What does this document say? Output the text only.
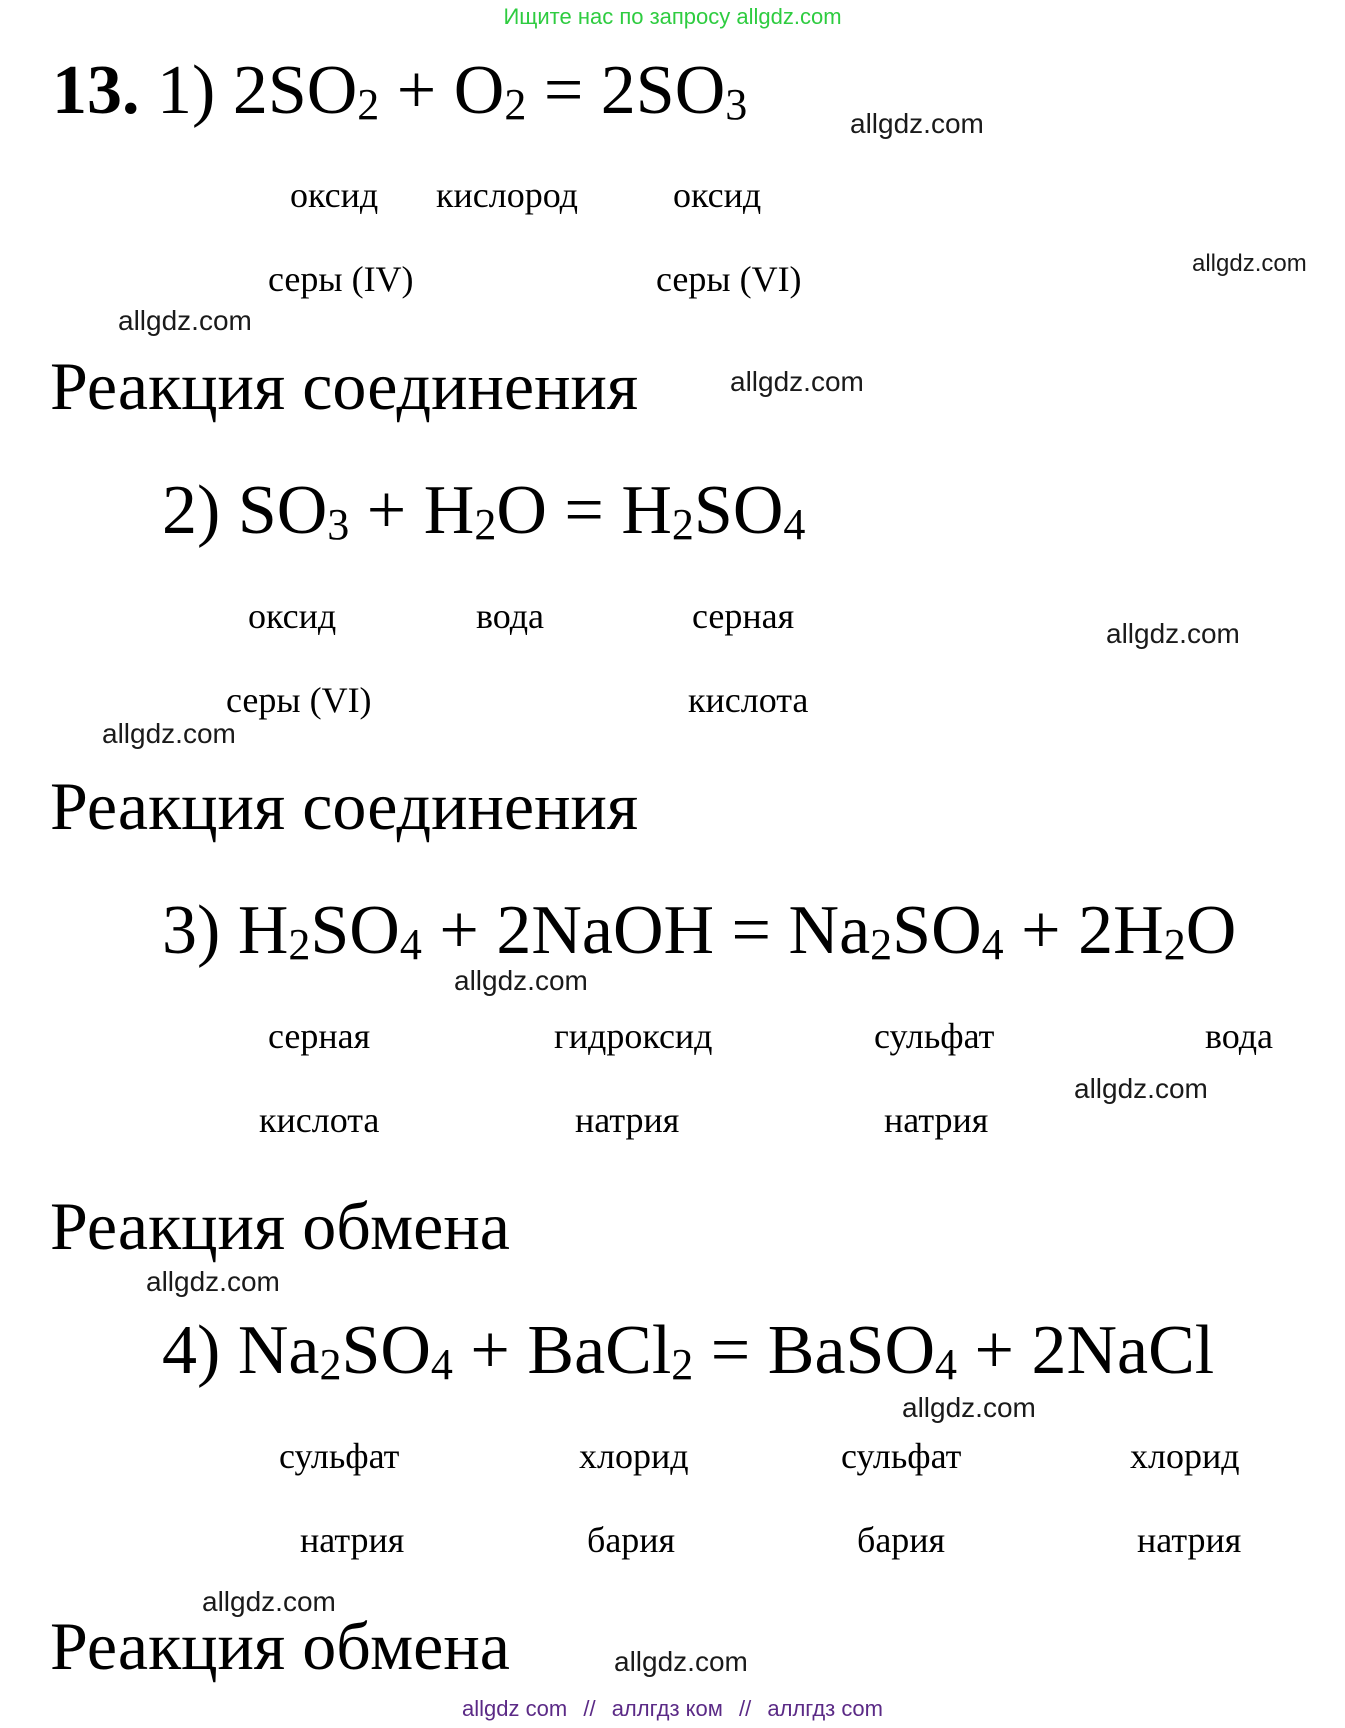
Ищите нас по запросу allgdz.com
13. 1) $2SO_2 + O_2 = 2SO_3$
оксид кислород	оксид
серы (IV)	серы (VI)
Реакция соединения
2) $SO_3 + H_2O = H_2SO_4$
оксид	вода	серная
серы (VI)	кислота
Реакция соединения
3) $H_2SO_4$ + 2NaOH = $Na_2SO_4 + 2H_2O$
серная	гидроксид	сульфат	вода
кислота	натрия	натрия
Реакция обмена
4) $Na_2SO_4$ + BaCl$_2$ = BaSO$_4$ + 2NaCl
сульфат	хлорид	сульфат	хлорид
натрия	бария	бария	натрия
Реакция обмена
allgdz.com
allgdz.com
allgdz.com
allgdz.com
allgdz.com
allgdz.com
allgdz.com
allgdz.com
allgdz.com
allgdz.com
allgdz.com
allgdz.com
allgdz com // аллгдз ком // аллгдз com
